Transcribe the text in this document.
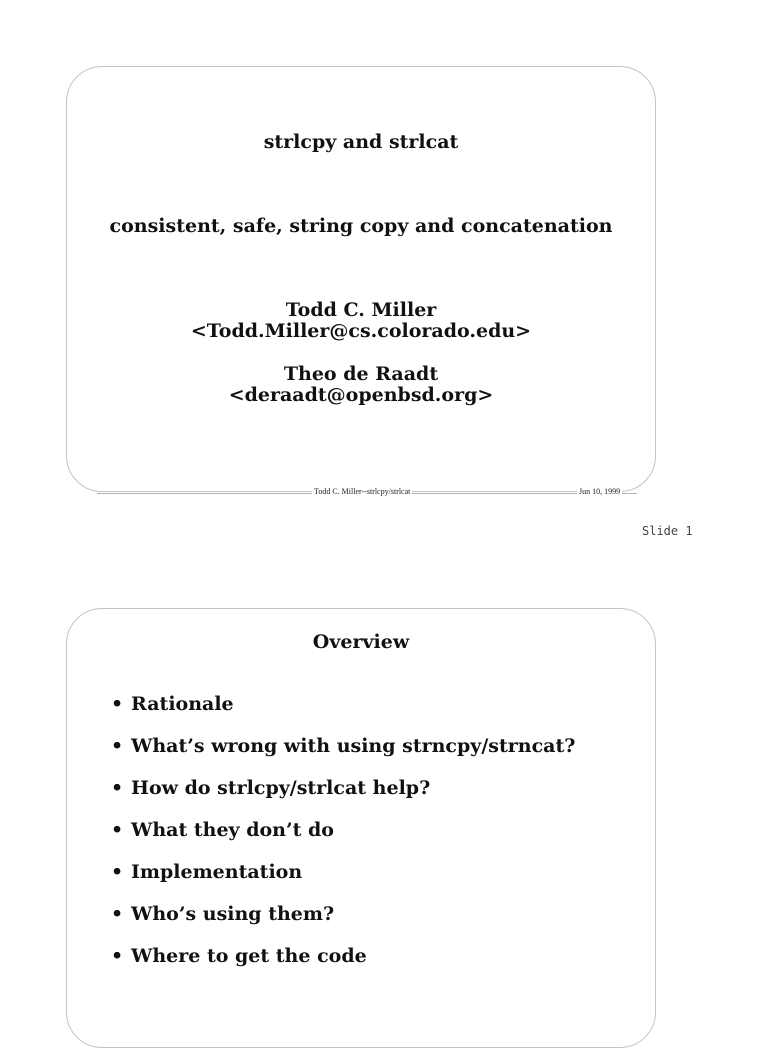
strlcpy and strlcat
consistent, safe, string copy and concatenation
Todd C. Miller
<Todd.Miller@cs.colorado.edu>
Theo de Raadt
<deraadt@openbsd.org>
Todd C. Miller--strlcpy/strlcat	Jun 10, 1999
Slide 1
Overview
• Rationale
• What’s wrong with using strncpy/strncat?
• How do strlcpy/strlcat help?
• What they don’t do
• Implementation
• Who’s using them?
• Where to get the code
